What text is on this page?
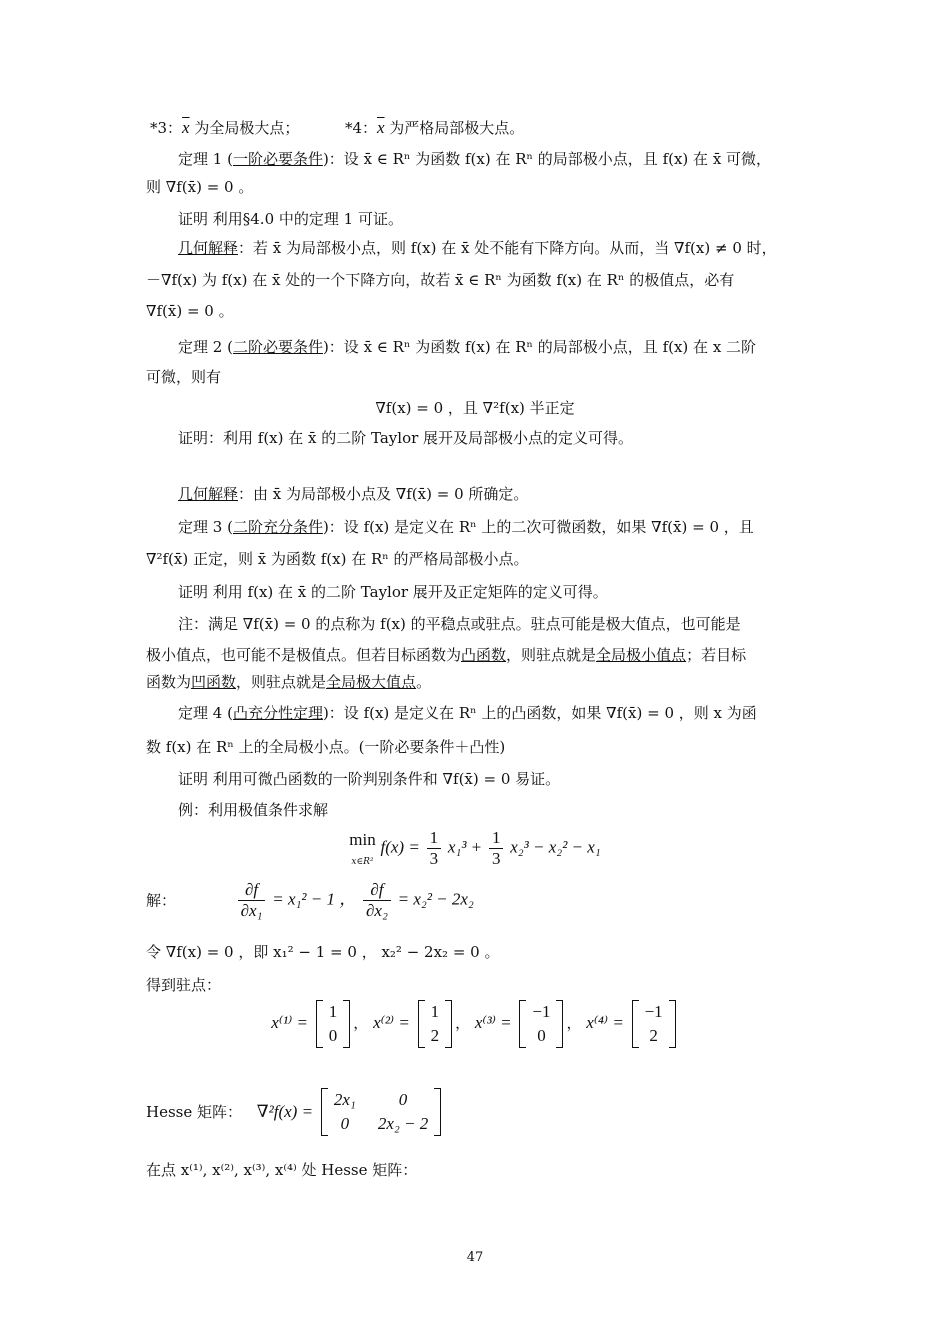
*3：$\overline{x}$ 为全局极大点；	*4：$\overline{x}$ 为严格局部极大点。
定理 1 (一阶必要条件)：设 x̄ ∈ Rⁿ 为函数 f(x) 在 Rⁿ 的局部极小点，且 f(x) 在 x̄ 可微，
则 ∇f(x̄) = 0 。
证明 利用§4.0 中的定理 1 可证。
几何解释：若 x̄ 为局部极小点，则 f(x) 在 x̄ 处不能有下降方向。从而，当 ∇f(x) ≠ 0 时，
－∇f(x) 为 f(x) 在 x̄ 处的一个下降方向，故若 x̄ ∈ Rⁿ 为函数 f(x) 在 Rⁿ 的极值点，必有
∇f(x̄) = 0 。
定理 2 (二阶必要条件)：设 x̄ ∈ Rⁿ 为函数 f(x) 在 Rⁿ 的局部极小点，且 f(x) 在 x 二阶
可微，则有
∇f(x) = 0 ，且 ∇²f(x) 半正定
证明：利用 f(x) 在 x̄ 的二阶 Taylor 展开及局部极小点的定义可得。
几何解释：由 x̄ 为局部极小点及 ∇f(x̄) = 0 所确定。
定理 3 (二阶充分条件)：设 f(x) 是定义在 Rⁿ 上的二次可微函数，如果 ∇f(x̄) = 0 ，且
∇²f(x̄) 正定，则 x̄ 为函数 f(x) 在 Rⁿ 的严格局部极小点。
证明 利用 f(x) 在 x̄ 的二阶 Taylor 展开及正定矩阵的定义可得。
注：满足 ∇f(x̄) = 0 的点称为 f(x) 的平稳点或驻点。驻点可能是极大值点，也可能是
极小值点，也可能不是极值点。但若目标函数为凸函数，则驻点就是全局极小值点；若目标
函数为凹函数，则驻点就是全局极大值点。
定理 4 (凸充分性定理)：设 f(x) 是定义在 Rⁿ 上的凸函数，如果 ∇f(x̄) = 0 ，则 x 为函
数 f(x) 在 Rⁿ 上的全局极小点。(一阶必要条件＋凸性)
证明 利用可微凸函数的一阶判别条件和 ∇f(x̄) = 0 易证。
例：利用极值条件求解
min
x∈R² $f(x) = \frac{1}{3} x_1^3 + \frac{1}{3} x_2^3 - x_2^2 - x_1$
解：	$\frac{\partial f}{\text{∂x₁}} = x_1^2 - 1$ ， $\frac{\partial f}{\text{∂x₂}} = x_2^2 - 2x_2$
令 ∇f(x) = 0 ，即 x₁² − 1 = 0 ， x₂² − 2x₂ = 0 。
得到驻点：
x⁽¹⁾ =
1
0
， x⁽²⁾ =
1
2
， x⁽³⁾ =
−1
0
， x⁽⁴⁾ =
−1
2
Hesse 矩阵： ∇²f(x) =
2x₁	0
0	2x₂ − 2
在点 x⁽¹⁾, x⁽²⁾, x⁽³⁾, x⁽⁴⁾ 处 Hesse 矩阵：
47
